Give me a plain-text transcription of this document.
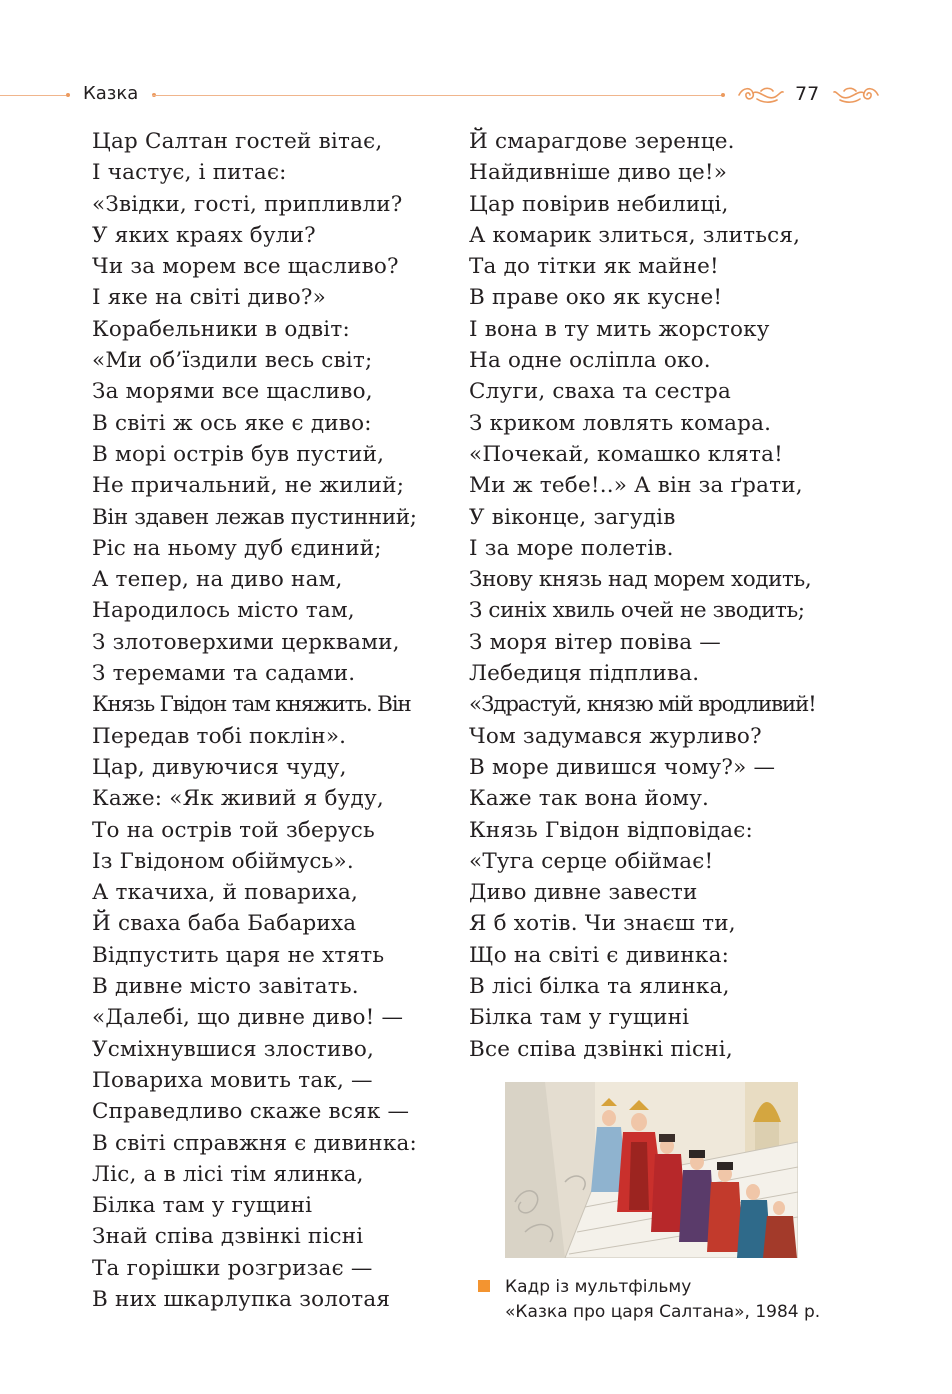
Казка	77
Цар Салтан гостей вітає,
І частує, і питає:
«Звідки, гості, припливли?
У яких краях були?
Чи за морем все щасливо?
І яке на світі диво?»
Корабельники в одвіт:
«Ми об’їздили весь світ;
За морями все щасливо,
В світі ж ось яке є диво:
В морі острів був пустий,
Не причальний, не жилий;
Він здавен лежав пустинний;
Ріс на ньому дуб єдиний;
А тепер, на диво нам,
Народилось місто там,
З злотоверхими церквами,
З теремами та садами.
Князь Гвідон там княжить. Він
Передав тобі поклін».
Цар, дивуючися чуду,
Каже: «Як живий я буду,
То на острів той зберусь
Із Гвідоном обіймусь».
А ткачиха, й повариха,
Й сваха баба Бабариха
Відпустить царя не хтять
В дивне місто завітать.
«Далебі, що дивне диво! —
Усміхнувшися злостиво,
Повариха мовить так, —
Справедливо скаже всяк —
В світі справжня є дивинка:
Ліс, а в лісі тім ялинка,
Білка там у гущині
Знай співа дзвінкі пісні
Та горішки розгризає —
В них шкарлупка золотая
Й смарагдове зеренце.
Найдивніше диво це!»
Цар повірив небилиці,
А комарик злиться, злиться,
Та до тітки як майне!
В праве око як кусне!
І вона в ту мить жорстоку
На одне осліпла око.
Слуги, сваха та сестра
З криком ловлять комара.
«Почекай, комашко клята!
Ми ж тебе!..» А він за ґрати,
У віконце, загудів
І за море полетів.
Знову князь над морем ходить,
З синіх хвиль очей не зводить;
З моря вітер повіва —
Лебедиця підплива.
«Здрастуй, князю мій вродливий!
Чом задумався журливо?
В море дивишся чому?» —
Каже так вона йому.
Князь Гвідон відповідає:
«Туга серце обіймає!
Диво дивне завести
Я б хотів. Чи знаєш ти,
Що на світі є дивинка:
В лісі білка та ялинка,
Білка там у гущині
Все співа дзвінкі пісні,
Кадр із мультфільму
«Казка про царя Салтана», 1984 р.
